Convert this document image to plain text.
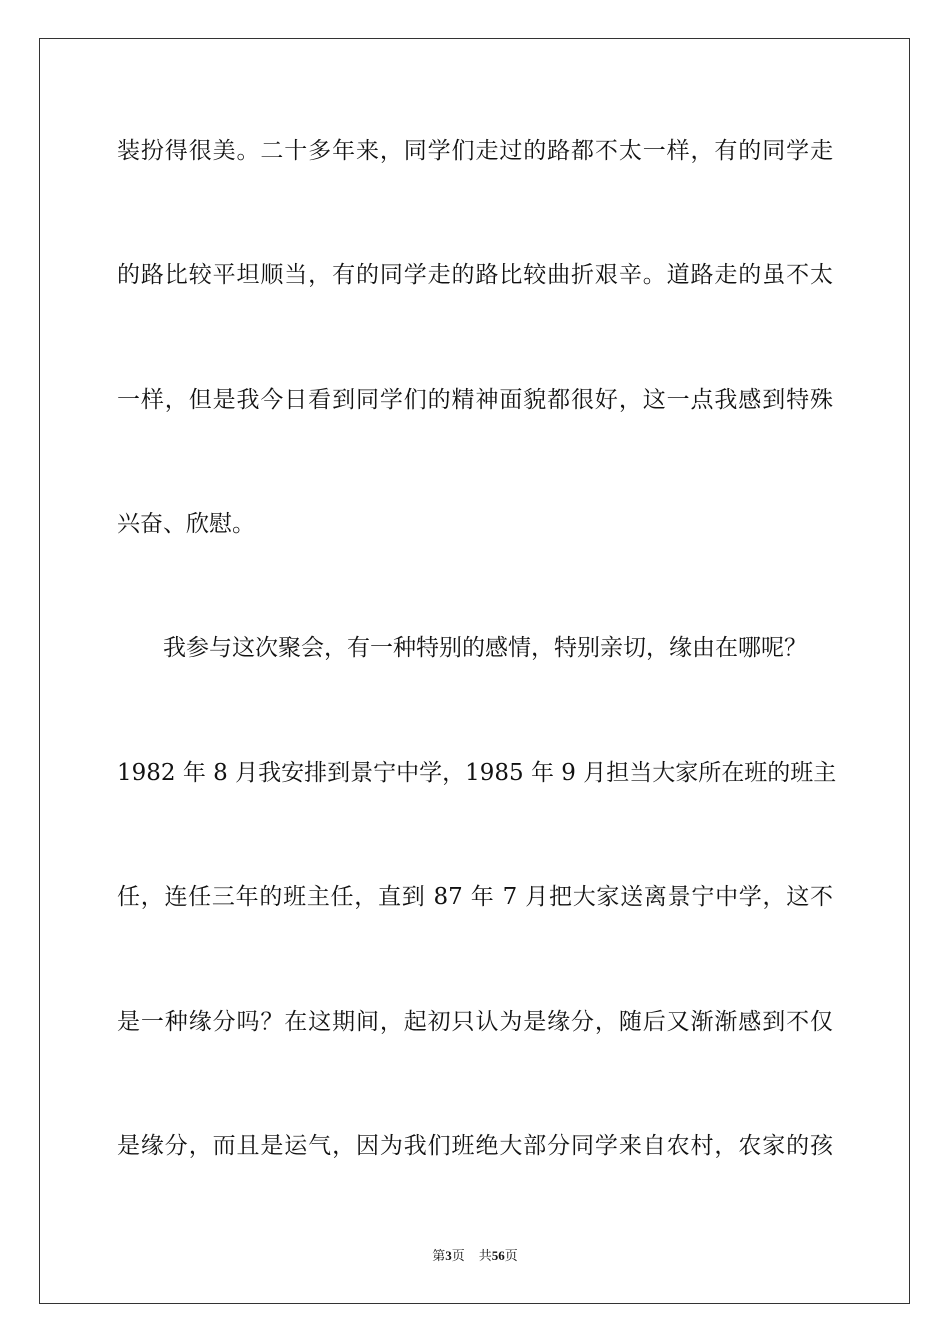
装扮得很美。二十多年来，同学们走过的路都不太一样，有的同学走
的路比较平坦顺当，有的同学走的路比较曲折艰辛。道路走的虽不太
一样，但是我今日看到同学们的精神面貌都很好，这一点我感到特殊
兴奋、欣慰。
我参与这次聚会，有一种特别的感情，特别亲切，缘由在哪呢？
1982 年 8 月我安排到景宁中学，1985 年 9 月担当大家所在班的班主
任，连任三年的班主任，直到 87 年 7 月把大家送离景宁中学，这不
是一种缘分吗？在这期间，起初只认为是缘分，随后又渐渐感到不仅
是缘分，而且是运气，因为我们班绝大部分同学来自农村，农家的孩
第3页 共56页
